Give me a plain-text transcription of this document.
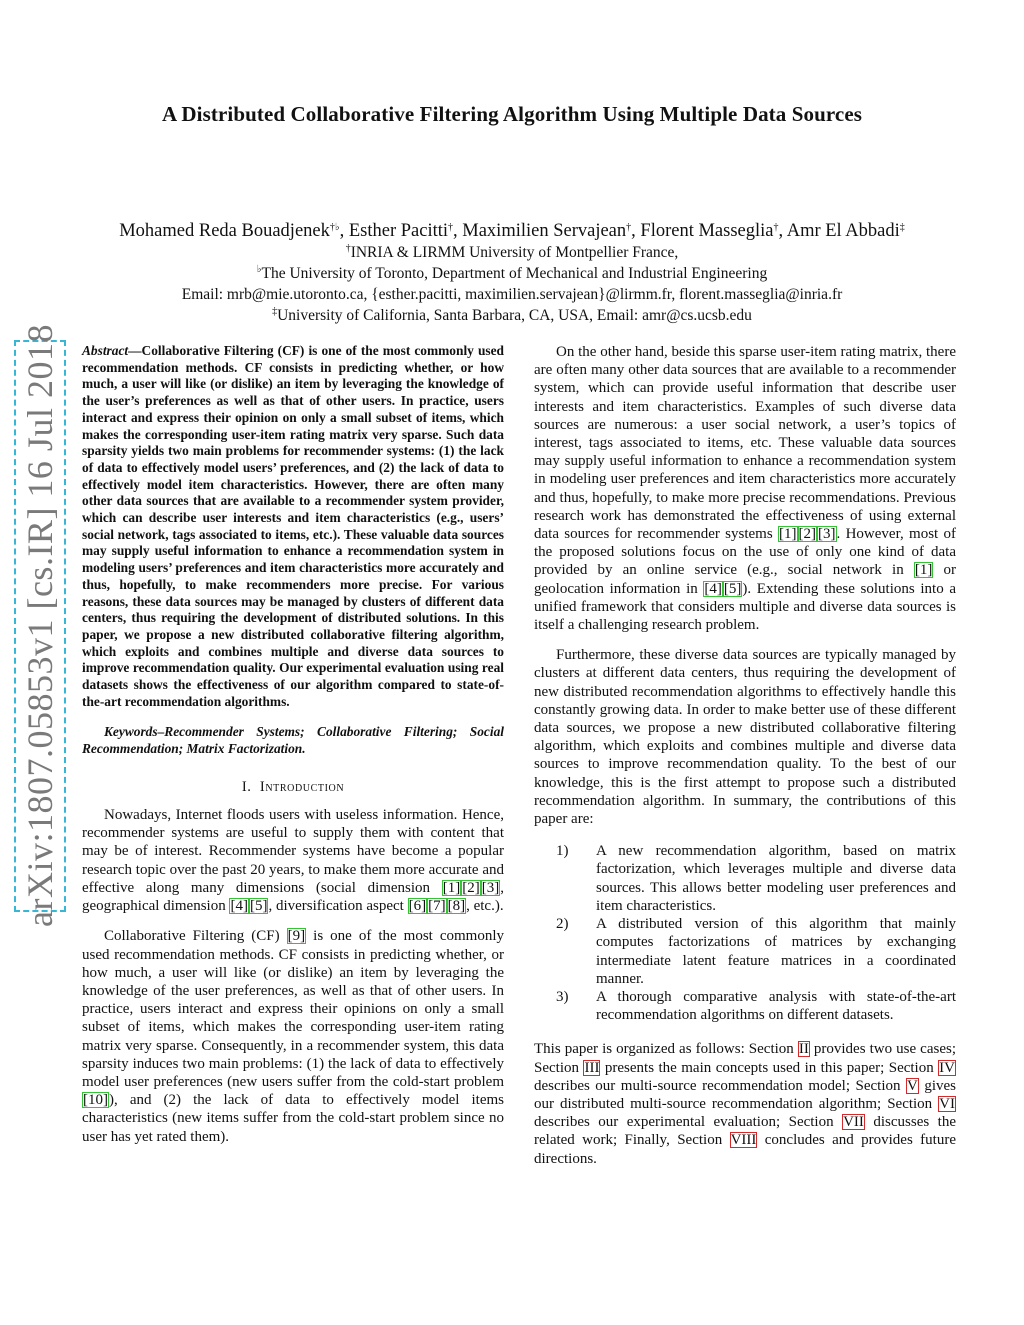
A Distributed Collaborative Filtering Algorithm Using Multiple Data Sources
Mohamed Reda Bouadjenek†♭, Esther Pacitti†, Maximilien Servajean†, Florent Masseglia†, Amr El Abbadi‡
†INRIA & LIRMM University of Montpellier France,
♭The University of Toronto, Department of Mechanical and Industrial Engineering
Email: mrb@mie.utoronto.ca, {esther.pacitti, maximilien.servajean}@lirmm.fr, florent.masseglia@inria.fr
‡University of California, Santa Barbara, CA, USA, Email: amr@cs.ucsb.edu
arXiv:1807.05853v1 [cs.IR] 16 Jul 2018 Abstract—Collaborative Filtering (CF) is one of the most commonly used recommendation methods. CF consists in predicting whether, or how much, a user will like (or dislike) an item by leveraging the knowledge of the user’s preferences as well as that of other users. In practice, users interact and express their opinion on only a small subset of items, which makes the corresponding user-item rating matrix very sparse. Such data sparsity yields two main problems for recommender systems: (1) the lack of data to effectively model users’ preferences, and (2) the lack of data to effectively model item characteristics. However, there are often many other data sources that are available to a recommender system provider, which can describe user interests and item characteristics (e.g., users’ social network, tags associated to items, etc.). These valuable data sources may supply useful information to enhance a recommendation system in modeling users’ preferences and item characteristics more accurately and thus, hopefully, to make recommenders more precise. For various reasons, these data sources may be managed by clusters of different data centers, thus requiring the development of distributed solutions. In this paper, we propose a new distributed collaborative filtering algorithm, which exploits and combines multiple and diverse data sources to improve recommendation quality. Our experimental evaluation using real datasets shows the effectiveness of our algorithm compared to state-of-the-art recommendation algorithms.

Keywords–Recommender Systems; Collaborative Filtering; Social Recommendation; Matrix Factorization.

I. Introduction

Nowadays, Internet floods users with useless information. Hence, recommender systems are useful to supply them with content that may be of interest. Recommender systems have become a popular research topic over the past 20 years, to make them more accurate and effective along many dimensions (social dimension [1] [2] [3], geographical dimension [4] [5], diversification aspect [6] [7] [8], etc.).

Collaborative Filtering (CF) [9] is one of the most commonly used recommendation methods. CF consists in predicting whether, or how much, a user will like (or dislike) an item by leveraging the knowledge of the user preferences, as well as that of other users. In practice, users interact and express their opinions on only a small subset of items, which makes the corresponding user-item rating matrix very sparse. Consequently, in a recommender system, this data sparsity induces two main problems: (1) the lack of data to effectively model user preferences (new users suffer from the cold-start problem [10]), and (2) the lack of data to effectively model items characteristics (new items suffer from the cold-start problem since no user has yet rated them).

On the other hand, beside this sparse user-item rating matrix, there are often many other data sources that are available to a recommender system, which can provide useful information that describe user interests and item characteristics. Examples of such diverse data sources are numerous: a user social network, a user’s topics of interest, tags associated to items, etc. These valuable data sources may supply useful information to enhance a recommendation system in modeling user preferences and item characteristics more accurately and thus, hopefully, to make more precise recommendations. Previous research work has demonstrated the effectiveness of using external data sources for recommender systems [1] [2] [3]. However, most of the proposed solutions focus on the use of only one kind of data provided by an online service (e.g., social network in [1] or geolocation information in [4] [5]). Extending these solutions into a unified framework that considers multiple and diverse data sources is itself a challenging research problem.

Furthermore, these diverse data sources are typically managed by clusters at different data centers, thus requiring the development of new distributed recommendation algorithms to effectively handle this constantly growing data. In order to make better use of these different data sources, we propose a new distributed collaborative filtering algorithm, which exploits and combines multiple and diverse data sources to improve recommendation quality. To the best of our knowledge, this is the first attempt to propose such a distributed recommendation algorithm. In summary, the contributions of this paper are:

1) A new recommendation algorithm, based on matrix factorization, which leverages multiple and diverse data sources. This allows better modeling user preferences and item characteristics.
2) A distributed version of this algorithm that mainly computes factorizations of matrices by exchanging intermediate latent feature matrices in a coordinated manner.
3) A thorough comparative analysis with state-of-the-art recommendation algorithms on different datasets.

This paper is organized as follows: Section II provides two use cases; Section III presents the main concepts used in this paper; Section IV describes our multi-source recommendation model; Section V gives our distributed multi-source recommendation algorithm; Section VI describes our experimental evaluation; Section VII discusses the related work; Finally, Section VIII concludes and provides future directions.
